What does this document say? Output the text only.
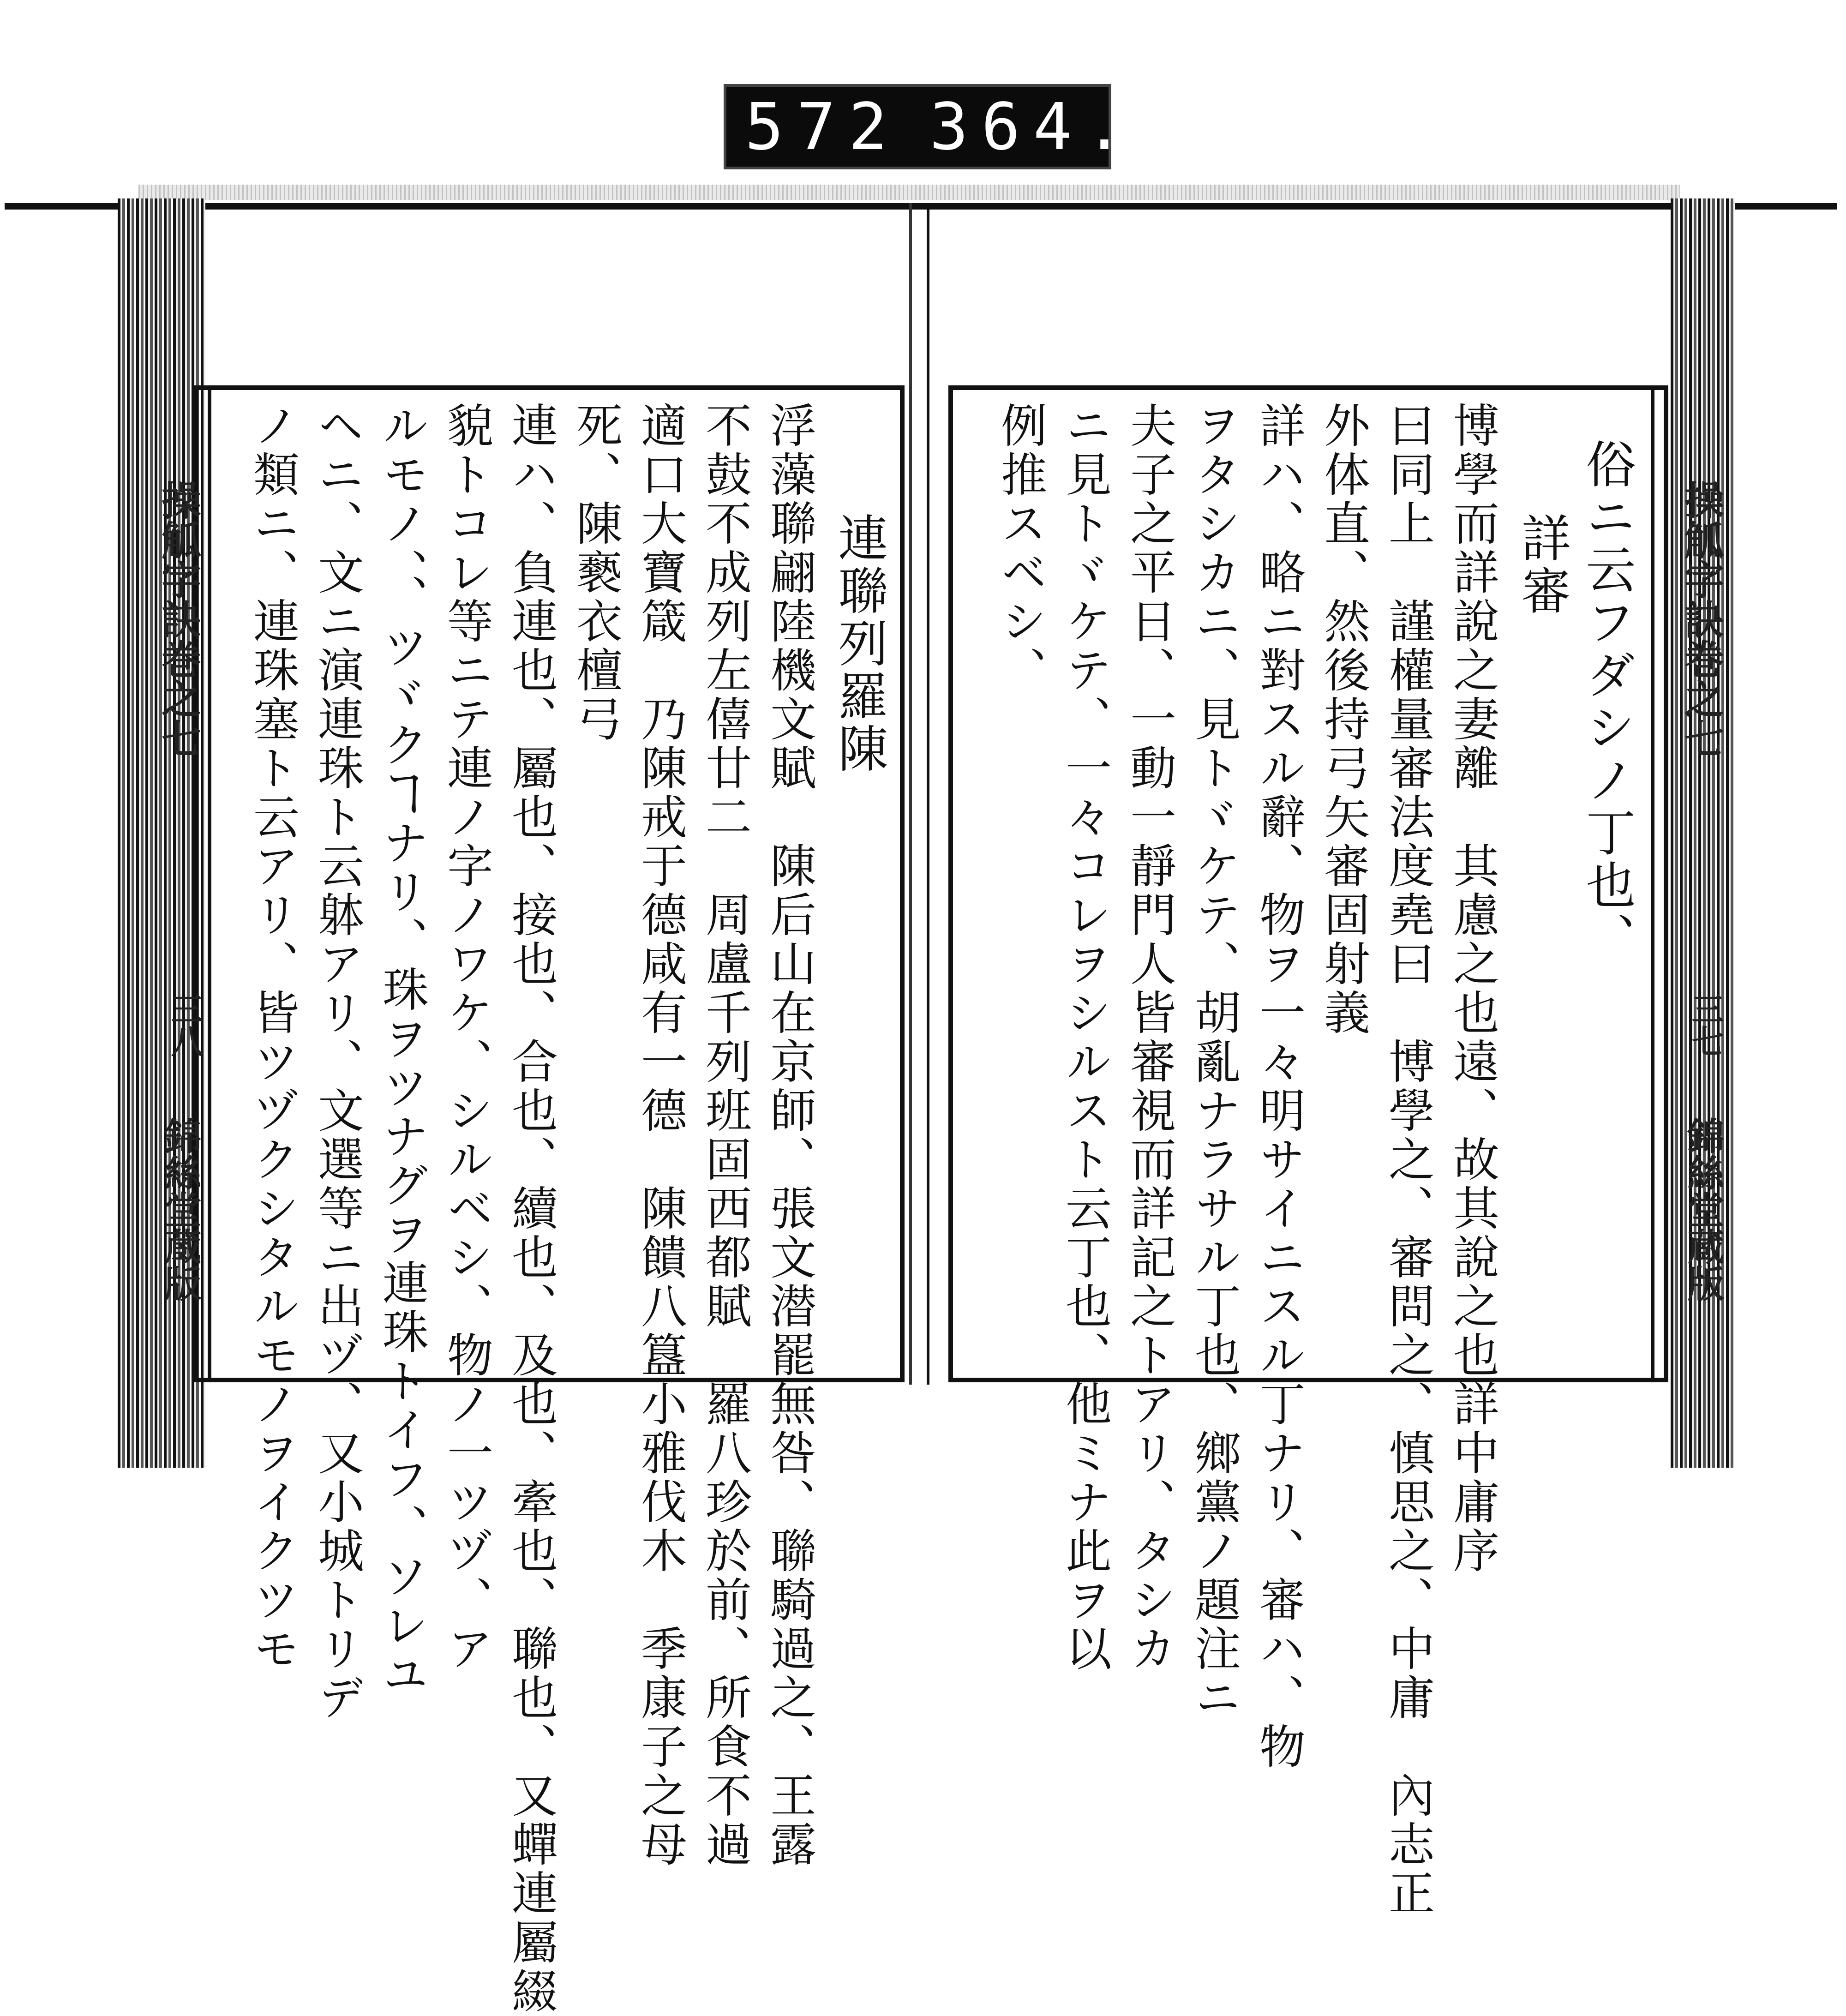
572 364.
操觚字訣巻之七
三八
錦絲堂蔵版
連聯列羅陳
浮藻聯翩陸機文賦　陳后山在京師、張文潜罷無咎、聯騎過之、王露
不鼓不成列左僖廿二　周盧千列班固西都賦　羅八珍於前、所食不過
適口大寶箴　乃陳戒于德咸有一德　陳饋八簋小雅伐木　季康子之母
死、陳褻衣檀弓
連ハ、負連也、屬也、接也、合也、續也、及也、牽也、聯也、又蟬連屬綴
貌トコレ等ニテ連ノ字ノワケ、シルベシ、物ノ一ツヅ、ア
ルモノ、、ツヾクヿナリ、珠ヲツナグヲ連珠トイフ、ソレユ
ヘニ、文ニ演連珠ト云躰アリ、文選等ニ出ヅ、又小城トリデ
ノ類ニ、連珠塞ト云アリ、皆ツヅクシタルモノヲイクツモ	操觚字訣巻之七
三七
錦絲堂蔵版
俗ニ云フダシノ丁也、
詳審
博學而詳說之妻離　其慮之也遠、故其說之也詳中庸序
曰同上　謹權量審法度堯曰　博學之、審問之、慎思之、中庸　內志正
外体直、然後持弓矢審固射義
詳ハ、略ニ對スル辭、物ヲ一々明サイニスル丁ナリ、審ハ、物
ヲタシカニ、見トヾケテ、胡亂ナラサル丁也、鄉黨ノ題注ニ
夫子之平日、一動一靜門人皆審視而詳記之トアリ、タシカ
ニ見トヾケテ、一々コレヲシルスト云丁也、他ミナ此ヲ以
例推スベシ、
